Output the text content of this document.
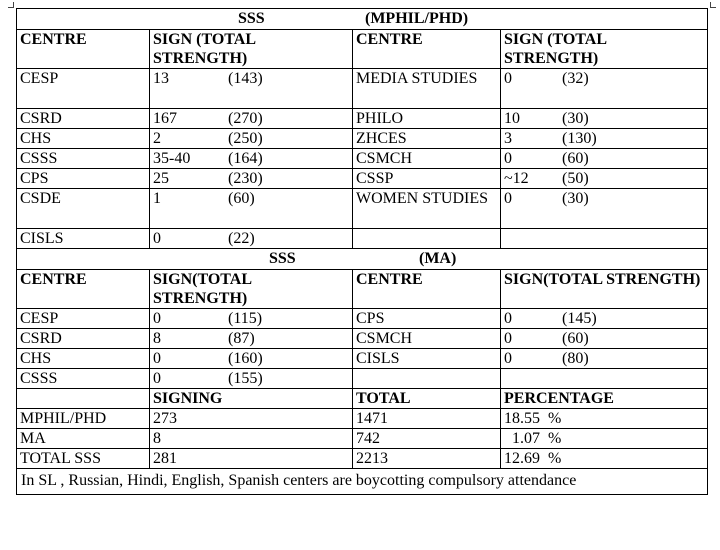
SSS (MPHIL/PHD)			

CENTRE	SIGN (TOTAL STRENGTH)	CENTRE	SIGN (TOTAL STRENGTH)
CESP	13 (143)	MEDIA STUDIES	0 (32)

CSRD	167 (270)	PHILO	10 (30)

CHS	2 (250)	ZHCES	3 (130)

CSSS	35-40 (164)	CSMCH	0 (60)

CPS	25 (230)	CSSP	~12 (50)

CSDE	1 (60)	WOMEN STUDIES	0 (30)

CISLS	0 (22)		

SSS (MA)			

CENTRE	SIGN(TOTAL STRENGTH)	CENTRE	SIGN(TOTAL STRENGTH)
CESP	0 (115)	CPS	0 (145)

CSRD	8 (87)	CSMCH	0 (60)

CHS	0 (160)	CISLS	0 (80)

CSSS	0 (155)		

	SIGNING	TOTAL	PERCENTAGE
MPHIL/PHD	273	1471	18.55  %
MA	8	742	1.07  %
TOTAL SSS	281	2213	12.69  %
In SL , Russian, Hindi, English, Spanish centers are boycotting compulsory attendance			
